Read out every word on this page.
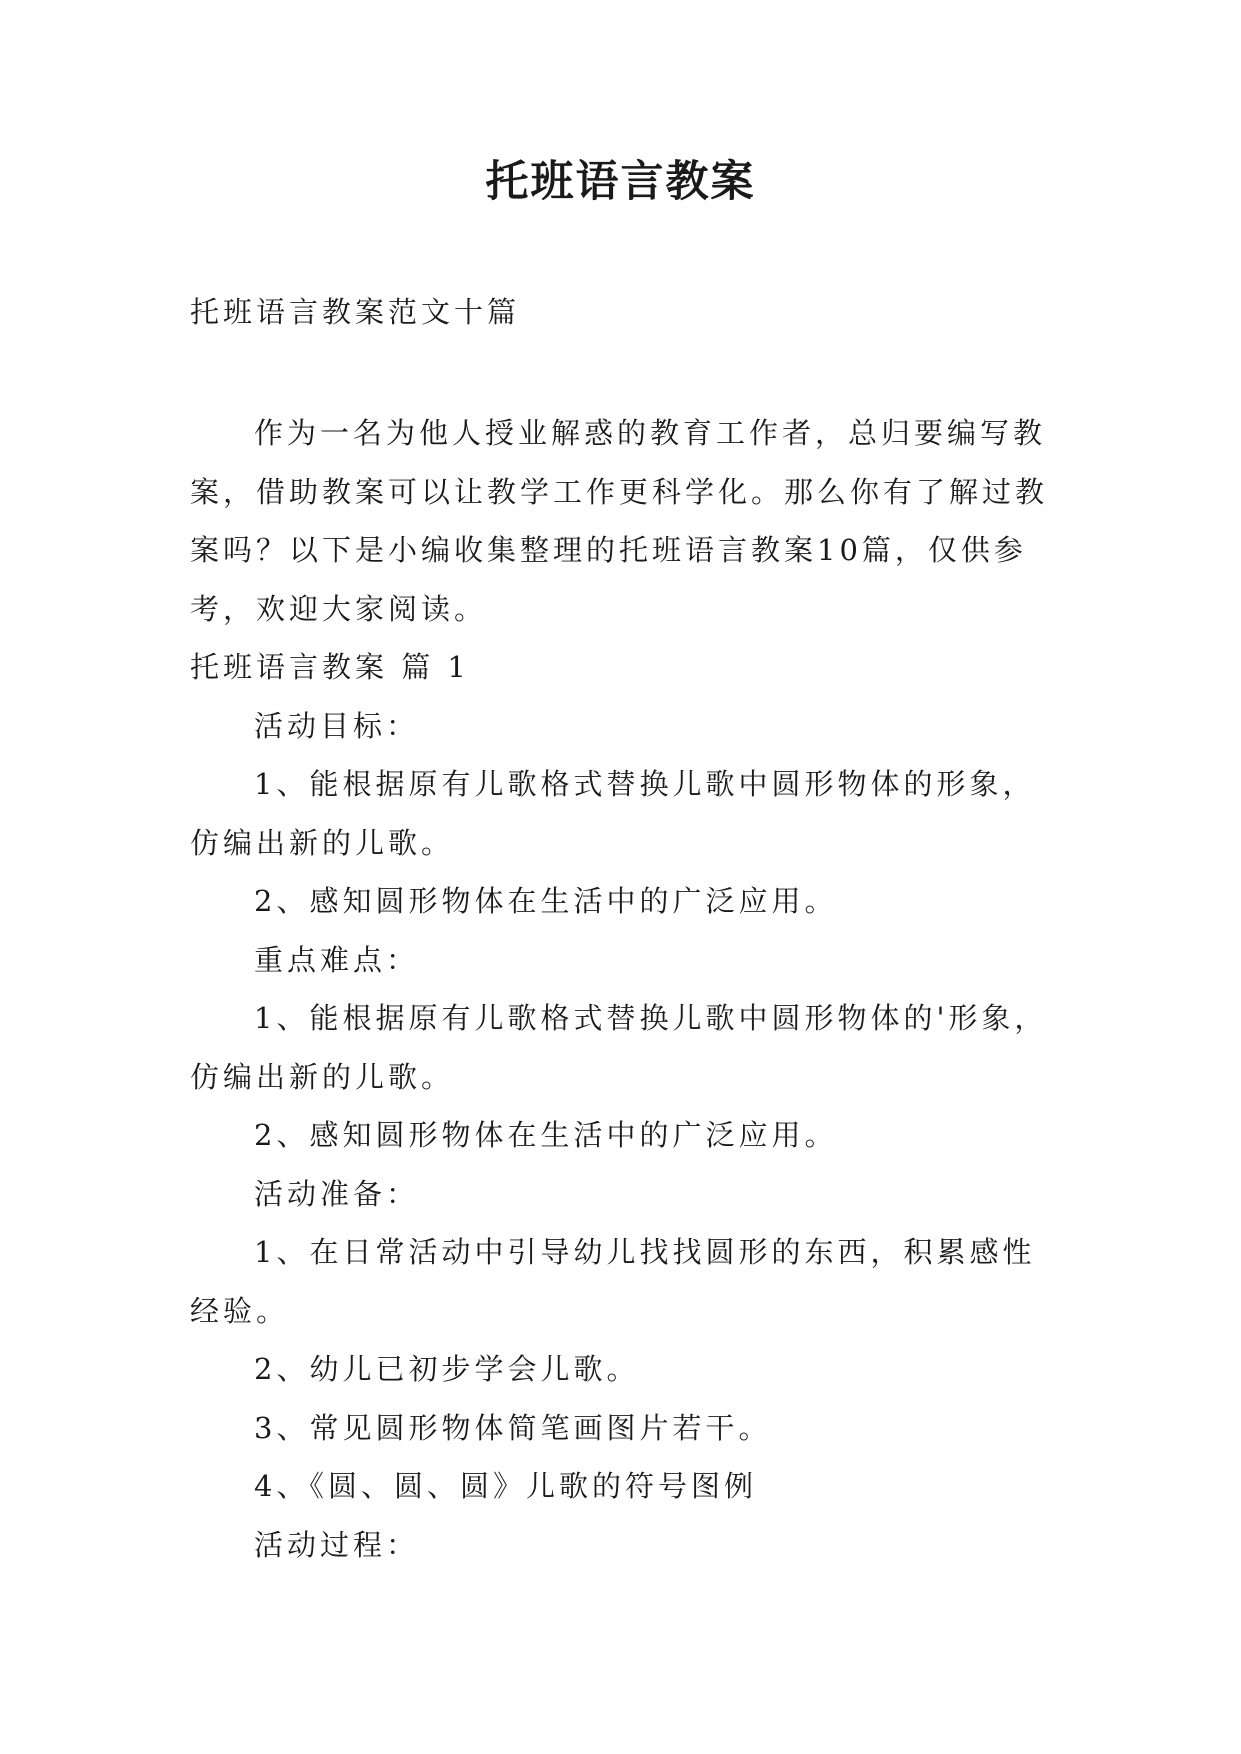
托班语言教案

托班语言教案范文十篇

作为一名为他人授业解惑的教育工作者，总归要编写教案，借助教案可以让教学工作更科学化。那么你有了解过教案吗？以下是小编收集整理的托班语言教案10篇，仅供参考，欢迎大家阅读。

托班语言教案 篇 1

活动目标：

1、能根据原有儿歌格式替换儿歌中圆形物体的形象，仿编出新的儿歌。

2、感知圆形物体在生活中的广泛应用。

重点难点：

1、能根据原有儿歌格式替换儿歌中圆形物体的'形象，仿编出新的儿歌。

2、感知圆形物体在生活中的广泛应用。

活动准备：

1、在日常活动中引导幼儿找找圆形的东西，积累感性经验。

2、幼儿已初步学会儿歌。

3、常见圆形物体简笔画图片若干。

4、《圆、圆、圆》儿歌的符号图例

活动过程：
